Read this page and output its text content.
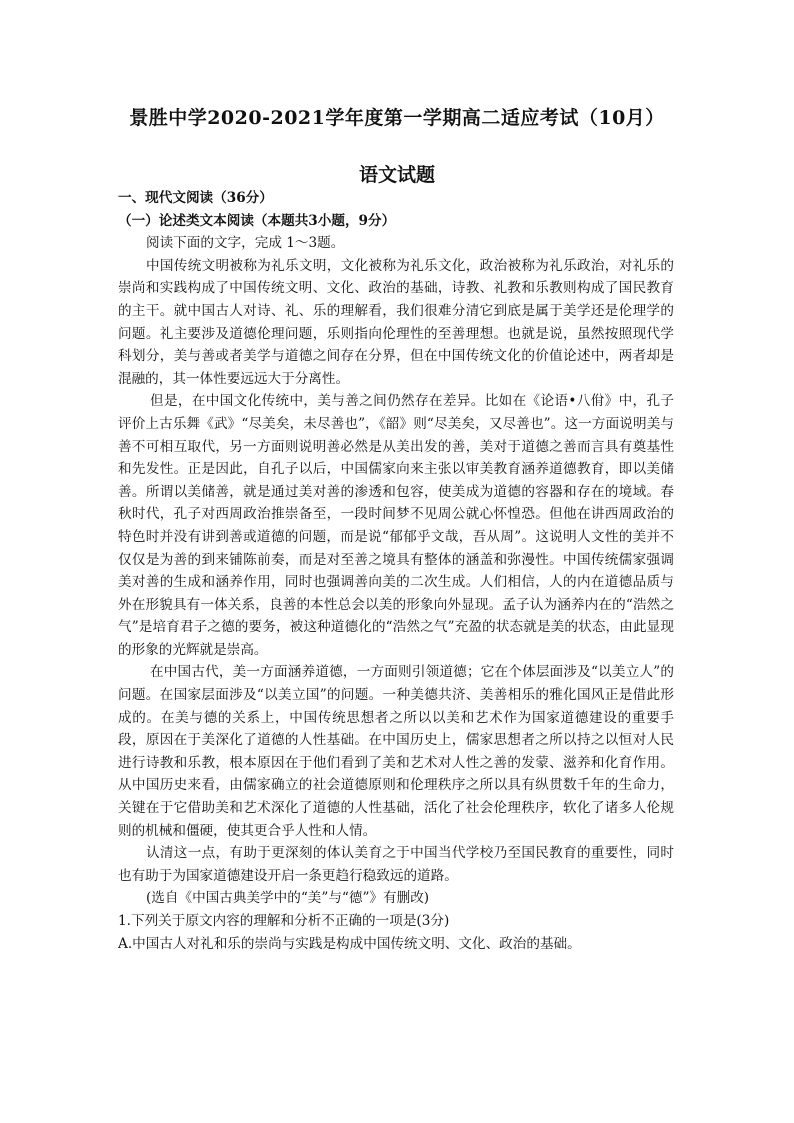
景胜中学2020-2021学年度第一学期高二适应考试（10月）
语文试题

一、现代文阅读（36分）

（一）论述类文本阅读（本题共3小题，9分）

阅读下面的文字，完成 1～3题。

中国传统文明被称为礼乐文明，文化被称为礼乐文化，政治被称为礼乐政治，对礼乐的崇尚和实践构成了中国传统文明、文化、政治的基础，诗教、礼教和乐教则构成了国民教育的主干。就中国古人对诗、礼、乐的理解看，我们很难分清它到底是属于美学还是伦理学的问题。礼主要涉及道德伦理问题，乐则指向伦理性的至善理想。也就是说，虽然按照现代学科划分，美与善或者美学与道德之间存在分界，但在中国传统文化的价值论述中，两者却是混融的，其一体性要远远大于分离性。

但是，在中国文化传统中，美与善之间仍然存在差异。比如在《论语•八佾》中，孔子评价上古乐舞《武》“尽美矣，未尽善也”，《韶》则“尽美矣，又尽善也”。这一方面说明美与善不可相互取代，另一方面则说明善必然是从美出发的善，美对于道德之善而言具有奠基性和先发性。正是因此，自孔子以后，中国儒家向来主张以审美教育涵养道德教育，即以美储善。所谓以美储善，就是通过美对善的渗透和包容，使美成为道德的容器和存在的境域。春秋时代，孔子对西周政治推崇备至，一段时间梦不见周公就心怀惶恐。但他在讲西周政治的特色时并没有讲到善或道德的问题，而是说“郁郁乎文哉，吾从周”。这说明人文性的美并不仅仅是为善的到来铺陈前奏，而是对至善之境具有整体的涵盖和弥漫性。中国传统儒家强调美对善的生成和涵养作用，同时也强调善向美的二次生成。人们相信，人的内在道德品质与外在形貌具有一体关系，良善的本性总会以美的形象向外显现。孟子认为涵养内在的“浩然之气”是培育君子之德的要务，被这种道德化的“浩然之气”充盈的状态就是美的状态，由此显现的形象的光辉就是崇高。

在中国古代，美一方面涵养道德，一方面则引领道德；它在个体层面涉及“以美立人”的问题。在国家层面涉及“以美立国”的问题。一种美德共济、美善相乐的雅化国风正是借此形成的。在美与德的关系上，中国传统思想者之所以以美和艺术作为国家道德建设的重要手段，原因在于美深化了道德的人性基础。在中国历史上，儒家思想者之所以持之以恒对人民进行诗教和乐教，根本原因在于他们看到了美和艺术对人性之善的发蒙、滋养和化育作用。从中国历史来看，由儒家确立的社会道德原则和伦理秩序之所以具有纵贯数千年的生命力，关键在于它借助美和艺术深化了道德的人性基础，活化了社会伦理秩序，软化了诸多人伦规则的机械和僵硬，使其更合乎人性和人情。

认清这一点，有助于更深刻的体认美育之于中国当代学校乃至国民教育的重要性，同时也有助于为国家道德建设开启一条更趋行稳致远的道路。

(选自《中国古典美学中的“美”与“德”》有删改)

1.下列关于原文内容的理解和分析不正确的一项是(3分)

A.中国古人对礼和乐的崇尚与实践是构成中国传统文明、文化、政治的基础。
